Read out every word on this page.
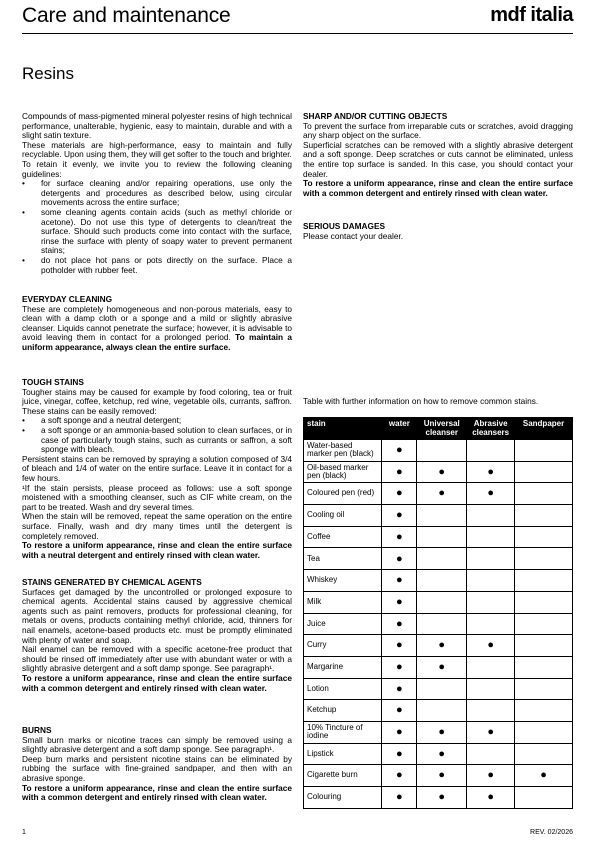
Care and maintenance	mdf italia
Resins

Compounds of mass-pigmented mineral polyester resins of high technical performance, unalterable, hygienic, easy to maintain, durable and with a slight satin texture.

These materials are high-performance, easy to maintain and fully recyclable. Upon using them, they will get softer to the touch and brighter.

To retain it evenly, we invite you to review the following cleaning guidelines:

•	for surface cleaning and/or repairing operations, use only the detergents and procedures as described below, using circular movements across the entire surface;
•	some cleaning agents contain acids (such as methyl chloride or acetone). Do not use this type of detergents to clean/treat the surface. Should such products come into contact with the surface, rinse the surface with plenty of soapy water to prevent permanent stains;
•	do not place hot pans or pots directly on the surface. Place a potholder with rubber feet.

EVERYDAY CLEANING

These are completely homogeneous and non-porous materials, easy to clean with a damp cloth or a sponge and a mild or slightly abrasive cleanser. Liquids cannot penetrate the surface; however, it is advisable to avoid leaving them in contact for a prolonged period. To maintain a uniform appearance, always clean the entire surface.

TOUGH STAINS

Tougher stains may be caused for example by food coloring, tea or fruit juice, vinegar, coffee, ketchup, red wine, vegetable oils, currants, saffron. These stains can be easily removed:

•	a soft sponge and a neutral detergent;
•	a soft sponge or an ammonia-based solution to clean surfaces, or in case of particularly tough stains, such as currants or saffron, a soft sponge with bleach.

Persistent stains can be removed by spraying a solution composed of 3/4 of bleach and 1/4 of water on the entire surface. Leave it in contact for a few hours.

¹If the stain persists, please proceed as follows: use a soft sponge moistened with a smoothing cleanser, such as CIF white cream, on the part to be treated. Wash and dry several times.

When the stain will be removed, repeat the same operation on the entire surface. Finally, wash and dry many times until the detergent is completely removed.

To restore a uniform appearance, rinse and clean the entire surface with a neutral detergent and entirely rinsed with clean water.

STAINS GENERATED BY CHEMICAL AGENTS

Surfaces get damaged by the uncontrolled or prolonged exposure to chemical agents. Accidental stains caused by aggressive chemical agents such as paint removers, products for professional cleaning, for metals or ovens, products containing methyl chloride, acid, thinners for nail enamels, acetone-based products etc. must be promptly eliminated with plenty of water and soap.

Nail enamel can be removed with a specific acetone-free product that should be rinsed off immediately after use with abundant water or with a slightly abrasive detergent and a soft damp sponge. See paragraph¹.

To restore a uniform appearance, rinse and clean the entire surface with a common detergent and entirely rinsed with clean water.

BURNS

Small burn marks or nicotine traces can simply be removed using a slightly abrasive detergent and a soft damp sponge. See paragraph¹.

Deep burn marks and persistent nicotine stains can be eliminated by rubbing the surface with fine-grained sandpaper, and then with an abrasive sponge.

To restore a uniform appearance, rinse and clean the entire surface with a common detergent and entirely rinsed with clean water.

SHARP AND/OR CUTTING OBJECTS

To prevent the surface from irreparable cuts or scratches, avoid dragging any sharp object on the surface.

Superficial scratches can be removed with a slightly abrasive detergent and a soft sponge. Deep scratches or cuts cannot be eliminated, unless the entire top surface is sanded. In this case, you should contact your dealer.

To restore a uniform appearance, rinse and clean the entire surface with a common detergent and entirely rinsed with clean water.

SERIOUS DAMAGES

Please contact your dealer.

Table with further information on how to remove common stains.
stain	water	Universal cleanser	Abrasive cleansers	Sandpaper
Water-based marker pen (black)	●			
Oil-based marker pen (black)	●	●	●	
Coloured pen (red)	●	●	●	
Cooling oil	●			
Coffee	●			
Tea	●			
Whiskey	●			
Milk	●			
Juice	●			
Curry	●	●	●	
Margarine	●	●		
Lotion	●			
Ketchup	●			
10% Tincture of iodine	●	●	●	
Lipstick	●	●		
Cigarette burn	●	●	●	●
Colouring	●	●	●	
1	REV. 02/2026
